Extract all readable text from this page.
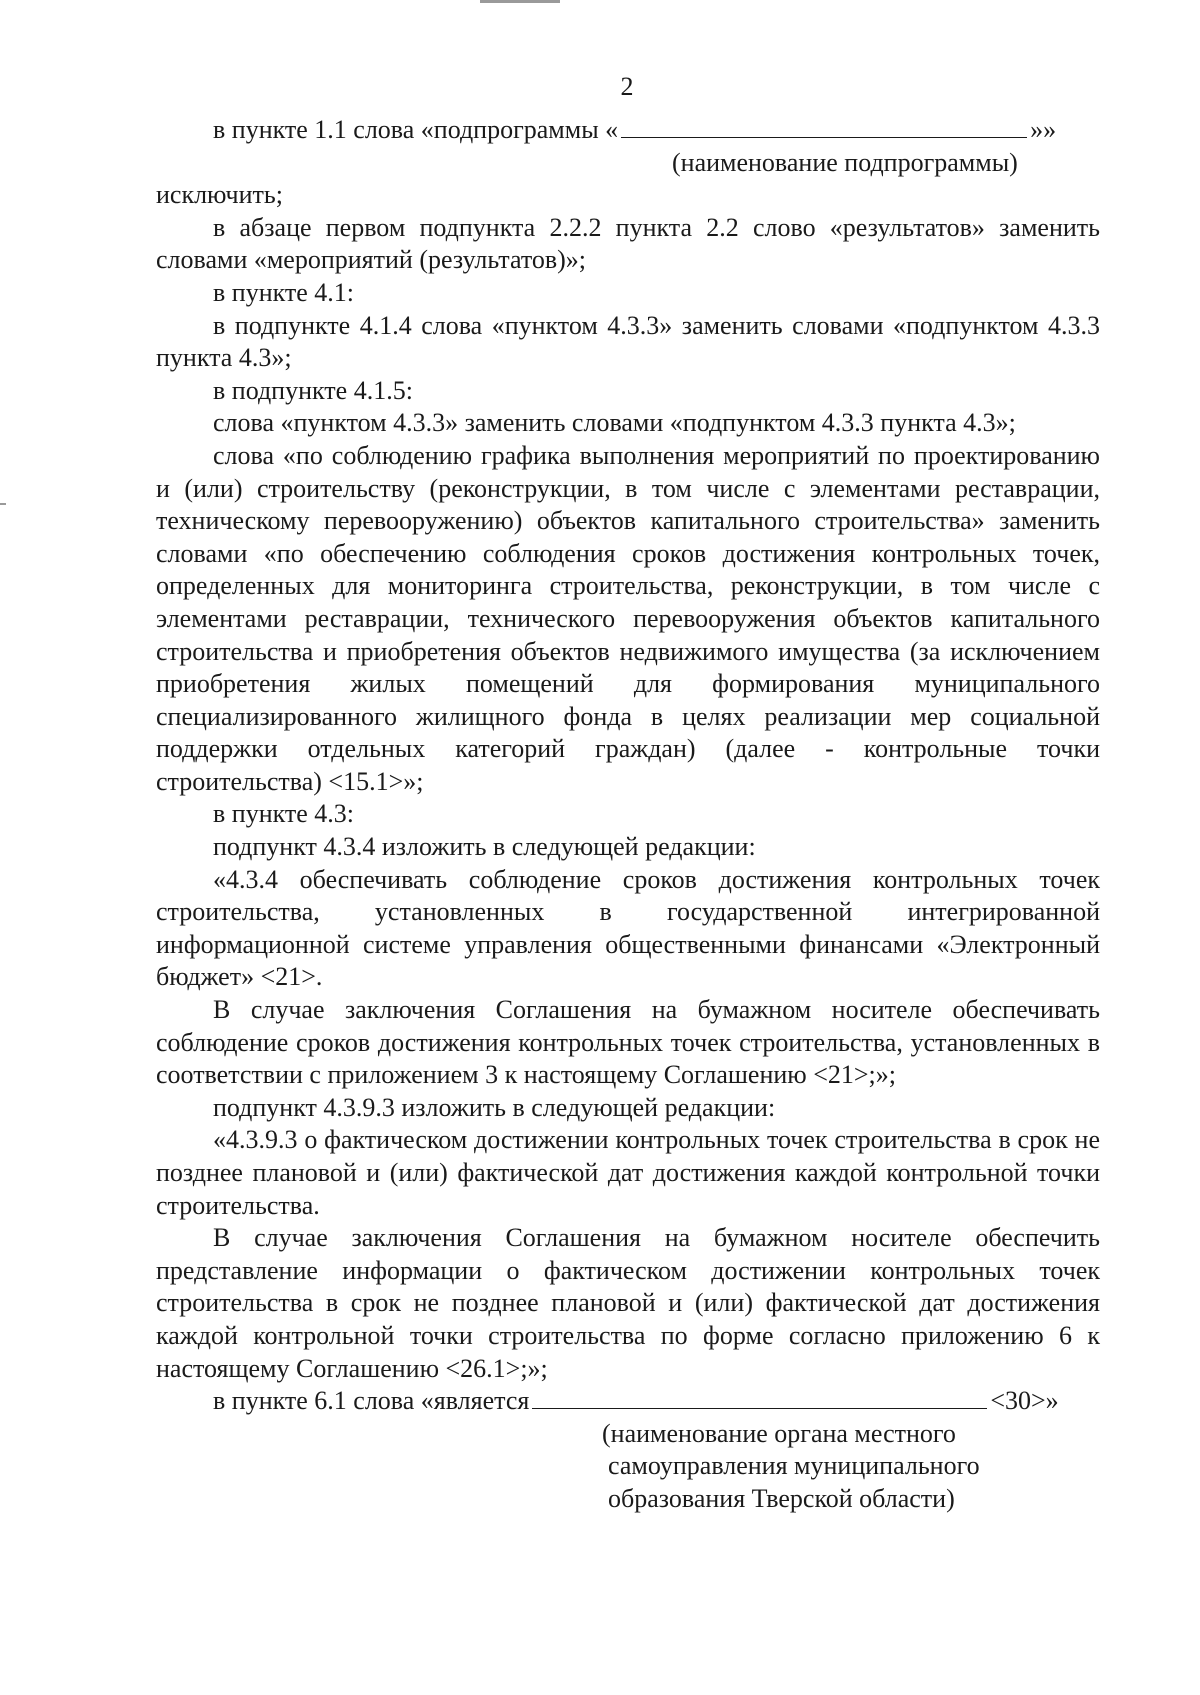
2
в пункте 1.1 слова «подпрограммы «	»»

(наименование подпрограммы)

исключить;

в абзаце первом подпункта 2.2.2 пункта 2.2 слово «результатов» заменить словами «мероприятий (результатов)»;

в пункте 4.1:

в подпункте 4.1.4 слова «пунктом 4.3.3» заменить словами «подпунктом 4.3.3 пункта 4.3»;

в подпункте 4.1.5:

слова «пунктом 4.3.3» заменить словами «подпунктом 4.3.3 пункта 4.3»;

слова «по соблюдению графика выполнения мероприятий по проектированию и (или) строительству (реконструкции, в том числе с элементами реставрации, техническому перевооружению) объектов капитального строительства» заменить словами «по обеспечению соблюдения сроков достижения контрольных точек, определенных для мониторинга строительства, реконструкции, в том числе с элементами реставрации, технического перевооружения объектов капитального строительства и приобретения объектов недвижимого имущества (за исключением приобретения жилых помещений для формирования муниципального специализированного жилищного фонда в целях реализации мер социальной поддержки отдельных категорий граждан) (далее - контрольные точки строительства) <15.1>»;

в пункте 4.3:

подпункт 4.3.4 изложить в следующей редакции:

«4.3.4 обеспечивать соблюдение сроков достижения контрольных точек строительства, установленных в государственной интегрированной информационной системе управления общественными финансами «Электронный бюджет» <21>.

В случае заключения Соглашения на бумажном носителе обеспечивать соблюдение сроков достижения контрольных точек строительства, установленных в соответствии с приложением 3 к настоящему Соглашению <21>;»;

подпункт 4.3.9.3 изложить в следующей редакции:

«4.3.9.3 о фактическом достижении контрольных точек строительства в срок не позднее плановой и (или) фактической дат достижения каждой контрольной точки строительства.

В случае заключения Соглашения на бумажном носителе обеспечить представление информации о фактическом достижении контрольных точек строительства в срок не позднее плановой и (или) фактической дат достижения каждой контрольной точки строительства по форме согласно приложению 6 к настоящему Соглашению <26.1>;»;

в пункте 6.1 слова «является	<30>»

(наименование органа местного
самоуправления муниципального
образования Тверской области)
